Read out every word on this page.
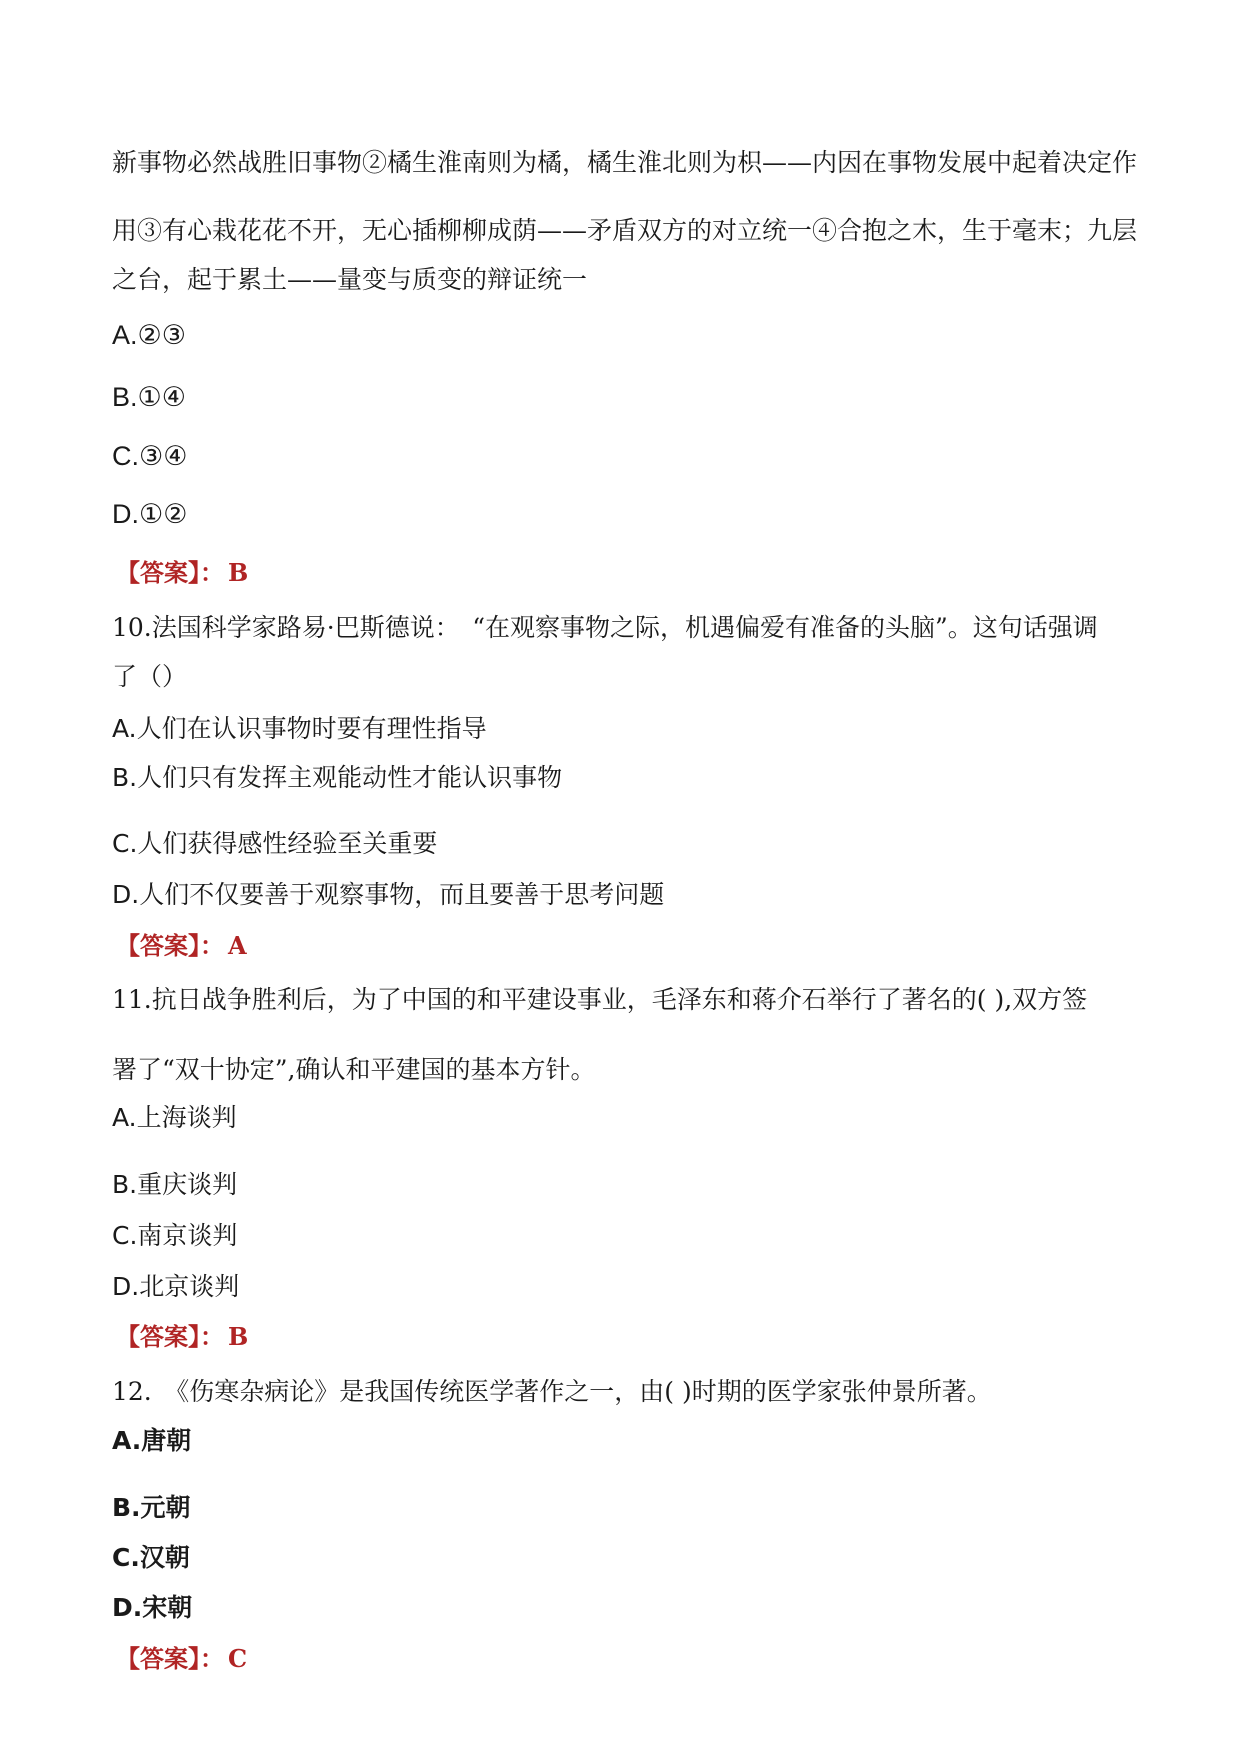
新事物必然战胜旧事物②橘生淮南则为橘，橘生淮北则为枳——内因在事物发展中起着决定作
用③有心栽花花不开，无心插柳柳成荫——矛盾双方的对立统一④合抱之木，生于毫末；九层
之台，起于累土——量变与质变的辩证统一
A.②③
B.①④
C.③④
D.①②
【答案】： B
10.法国科学家路易·巴斯德说：　“在观察事物之际，机遇偏爱有准备的头脑”。这句话强调
了（）
A.人们在认识事物时要有理性指导
B.人们只有发挥主观能动性才能认识事物
C.人们获得感性经验至关重要
D.人们不仅要善于观察事物，而且要善于思考问题
【答案】： A
11.抗日战争胜利后，为了中国的和平建设事业，毛泽东和蒋介石举行了著名的( ),双方签
署了“双十协定”,确认和平建国的基本方针。
A.上海谈判
B.重庆谈判
C.南京谈判
D.北京谈判
【答案】： B
12.　《伤寒杂病论》是我国传统医学著作之一，由( )时期的医学家张仲景所著。
A.唐朝
B.元朝
C.汉朝
D.宋朝
【答案】： C
